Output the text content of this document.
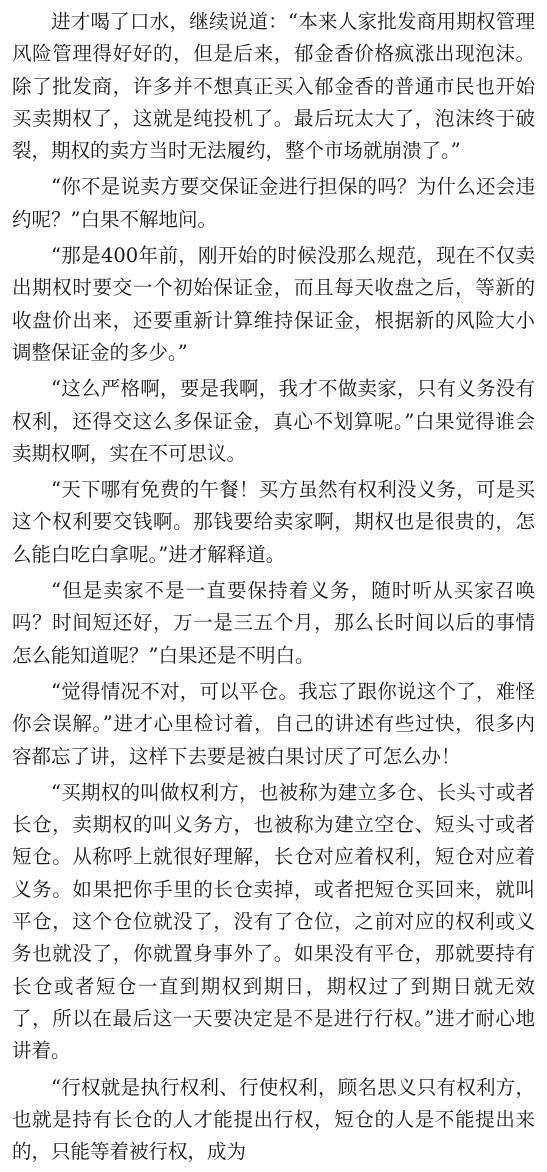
进才喝了口水，继续说道：“本来人家批发商用期权管理风险管理得好好的，但是后来，郁金香价格疯涨出现泡沫。除了批发商，许多并不想真正买入郁金香的普通市民也开始买卖期权了，这就是纯投机了。最后玩太大了，泡沫终于破裂，期权的卖方当时无法履约，整个市场就崩溃了。”

“你不是说卖方要交保证金进行担保的吗？为什么还会违约呢？”白果不解地问。

“那是400年前，刚开始的时候没那么规范，现在不仅卖出期权时要交一个初始保证金，而且每天收盘之后，等新的收盘价出来，还要重新计算维持保证金，根据新的风险大小调整保证金的多少。”

“这么严格啊，要是我啊，我才不做卖家，只有义务没有权利，还得交这么多保证金，真心不划算呢。”白果觉得谁会卖期权啊，实在不可思议。

“天下哪有免费的午餐！买方虽然有权利没义务，可是买这个权利要交钱啊。那钱要给卖家啊，期权也是很贵的，怎么能白吃白拿呢。”进才解释道。

“但是卖家不是一直要保持着义务，随时听从买家召唤吗？时间短还好，万一是三五个月，那么长时间以后的事情怎么能知道呢？”白果还是不明白。

“觉得情况不对，可以平仓。我忘了跟你说这个了，难怪你会误解。”进才心里检讨着，自己的讲述有些过快，很多内容都忘了讲，这样下去要是被白果讨厌了可怎么办！

“买期权的叫做权利方，也被称为建立多仓、长头寸或者长仓，卖期权的叫义务方，也被称为建立空仓、短头寸或者短仓。从称呼上就很好理解，长仓对应着权利，短仓对应着义务。如果把你手里的长仓卖掉，或者把短仓买回来，就叫平仓，这个仓位就没了，没有了仓位，之前对应的权利或义务也就没了，你就置身事外了。如果没有平仓，那就要持有长仓或者短仓一直到期权到期日，期权过了到期日就无效了，所以在最后这一天要决定是不是进行行权。”进才耐心地讲着。

“行权就是执行权利、行使权利，顾名思义只有权利方，也就是持有长仓的人才能提出行权，短仓的人是不能提出来的，只能等着被行权，成为
